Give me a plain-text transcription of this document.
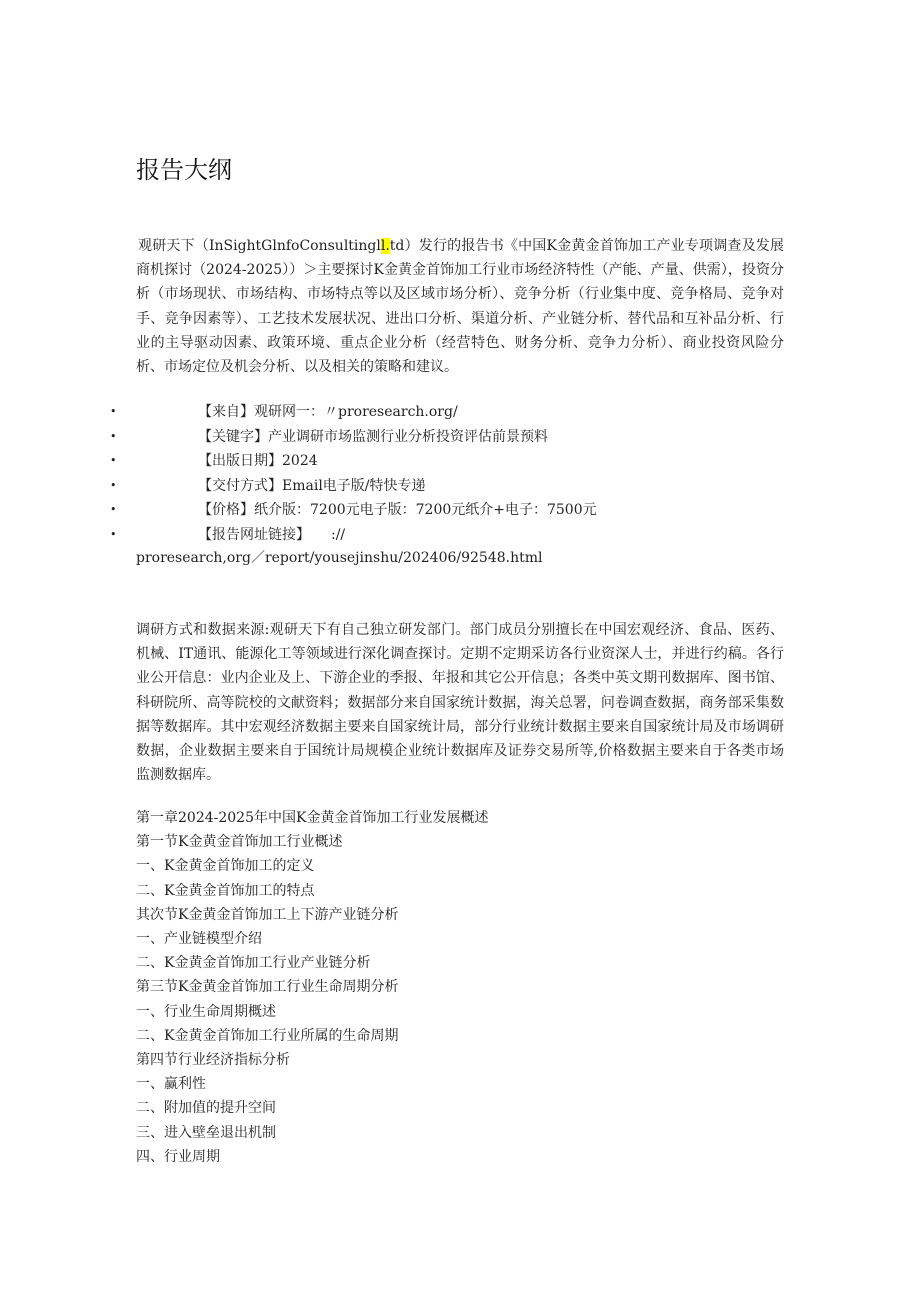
报告大纲

观研天下（InSightGlnfoConsultingll.td）发行的报告书《中国K金黄金首饰加工产业专项调查及发展商机探讨（2024-2025））＞主要探讨K金黄金首饰加工行业市场经济特性（产能、产量、供需），投资分析（市场现状、市场结构、市场特点等以及区域市场分析）、竞争分析（行业集中度、竞争格局、竞争对手、竞争因素等）、工艺技术发展状况、进出口分析、渠道分析、产业链分析、替代品和互补品分析、行业的主导驱动因素、政策环境、重点企业分析（经营特色、财务分析、竞争力分析）、商业投资风险分析、市场定位及机会分析、以及相关的策略和建议。

•	【来自】观研网一：〃proresearch.org/
•	【关键字】产业调研市场监测行业分析投资评估前景预料
•	【出版日期】2024
•	【交付方式】Email电子版/特快专递
•	【价格】纸介版：7200元电子版：7200元纸介+电子：7500元
•	【报告网址链接】　　://
proresearch,org／report/yousejinshu/202406/92548.html

调研方式和数据来源:观研天下有自己独立研发部门。部门成员分别擅长在中国宏观经济、食品、医药、机械、IT通讯、能源化工等领域进行深化调查探讨。定期不定期采访各行业资深人士，并进行约稿。各行业公开信息：业内企业及上、下游企业的季报、年报和其它公开信息；各类中英文期刊数据库、图书馆、科研院所、高等院校的文献资料；数据部分来自国家统计数据，海关总署，问卷调查数据，商务部采集数据等数据库。其中宏观经济数据主要来自国家统计局，部分行业统计数据主要来自国家统计局及市场调研数据，企业数据主要来自于国统计局规模企业统计数据库及证券交易所等,价格数据主要来自于各类市场监测数据库。

第一章2024-2025年中国K金黄金首饰加工行业发展概述
第一节K金黄金首饰加工行业概述
一、K金黄金首饰加工的定义
二、K金黄金首饰加工的特点
其次节K金黄金首饰加工上下游产业链分析
一、产业链模型介绍
二、K金黄金首饰加工行业产业链分析
第三节K金黄金首饰加工行业生命周期分析
一、行业生命周期概述
二、K金黄金首饰加工行业所属的生命周期
第四节行业经济指标分析
一、赢利性
二、附加值的提升空间
三、进入壁垒退出机制
四、行业周期
